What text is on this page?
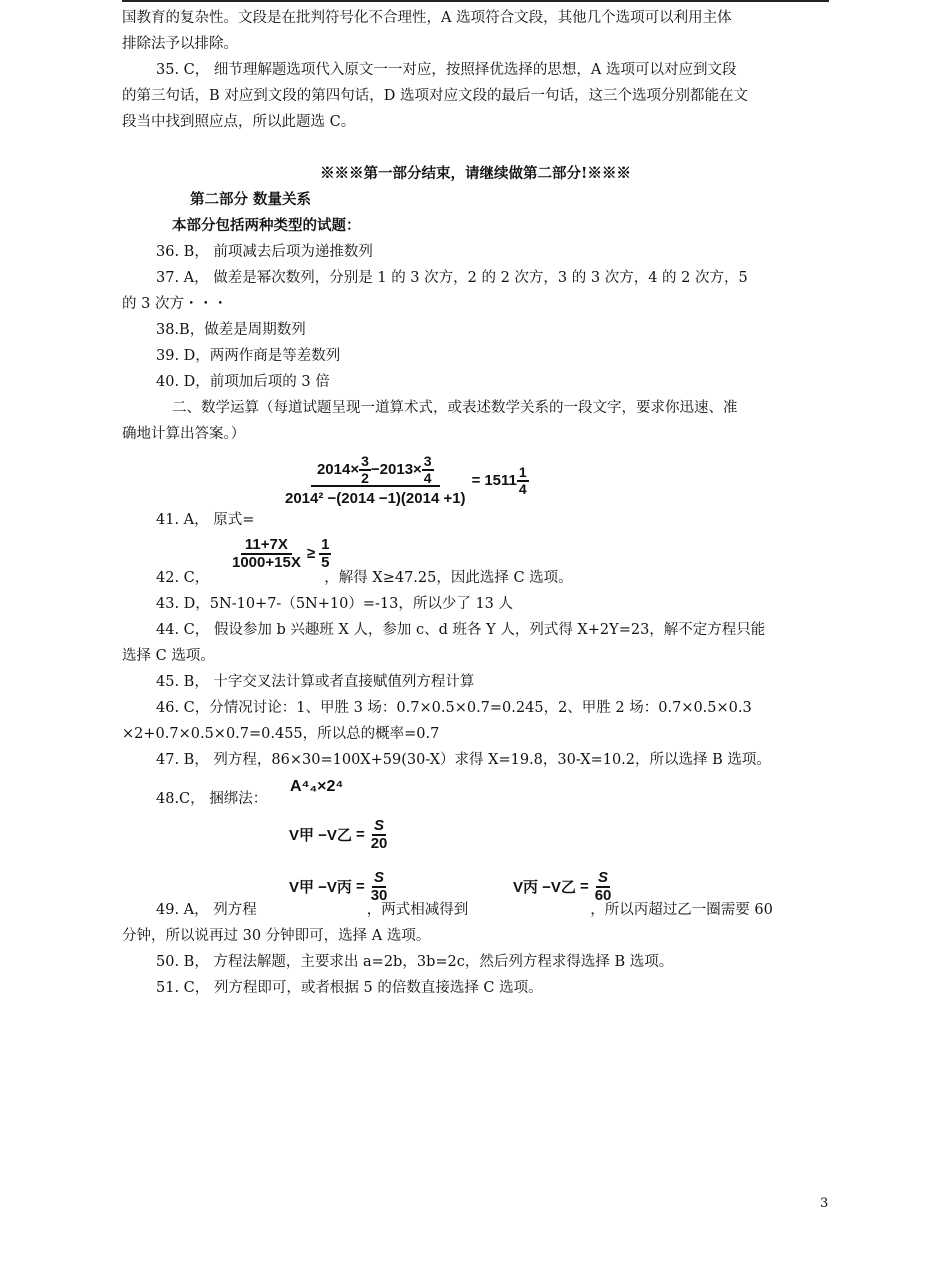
国教育的复杂性。文段是在批判符号化不合理性，A 选项符合文段，其他几个选项可以利用主体
排除法予以排除。
35. C， 细节理解题选项代入原文一一对应，按照择优选择的思想，A 选项可以对应到文段
的第三句话，B 对应到文段的第四句话，D 选项对应文段的最后一句话，这三个选项分别都能在文
段当中找到照应点，所以此题选 C。
※※※第一部分结束，请继续做第二部分!※※※
第二部分 数量关系
本部分包括两种类型的试题：
36. B， 前项减去后项为递推数列
37. A， 做差是幂次数列，分别是 1 的 3 次方，2 的 2 次方，3 的 3 次方，4 的 2 次方，5
的 3 次方・・・
38.B，做差是周期数列
39. D，两两作商是等差数列
40. D，前项加后项的 3 倍
二、数学运算（每道试题呈现一道算术式，或表述数学关系的一段文字，要求你迅速、准
确地计算出答案。）
$2014\times \frac{3}{2} -2013\times \frac{3}{4}$
2014² −(2014 −1)(2014 +1)
= $1511 \frac{1}{4}$
41. A， 原式=
$\frac{11+7X}{1000+15X} \ge \frac{1}{5}$
42. C，	，解得 X≥47.25，因此选择 C 选项。
43. D，5N-10+7-（5N+10）=-13，所以少了 13 人
44. C， 假设参加 b 兴趣班 X 人，参加 c、d 班各 Y 人，列式得 X+2Y=23，解不定方程只能
选择 C 选项。
45. B， 十字交叉法计算或者直接赋值列方程计算
46. C，分情况讨论：1、甲胜 3 场：0.7×0.5×0.7=0.245，2、甲胜 2 场：0.7×0.5×0.3
×2+0.7×0.5×0.7=0.455，所以总的概率=0.7
47. B， 列方程，86×30=100X+59(30-X）求得 X=19.8，30-X=10.2，所以选择 B 选项。
48.C， 捆绑法：
A⁴₄×2⁴
V甲 −V乙 = $\frac{S}{20}$
V甲 −V丙 = $\frac{S}{30}$	V丙 −V乙 = $\frac{S}{60}$
49. A， 列方程	，两式相减得到	，所以丙超过乙一圈需要 60
分钟，所以说再过 30 分钟即可，选择 A 选项。
50. B， 方程法解题，主要求出 a=2b，3b=2c，然后列方程求得选择 B 选项。
51. C， 列方程即可，或者根据 5 的倍数直接选择 C 选项。
3
